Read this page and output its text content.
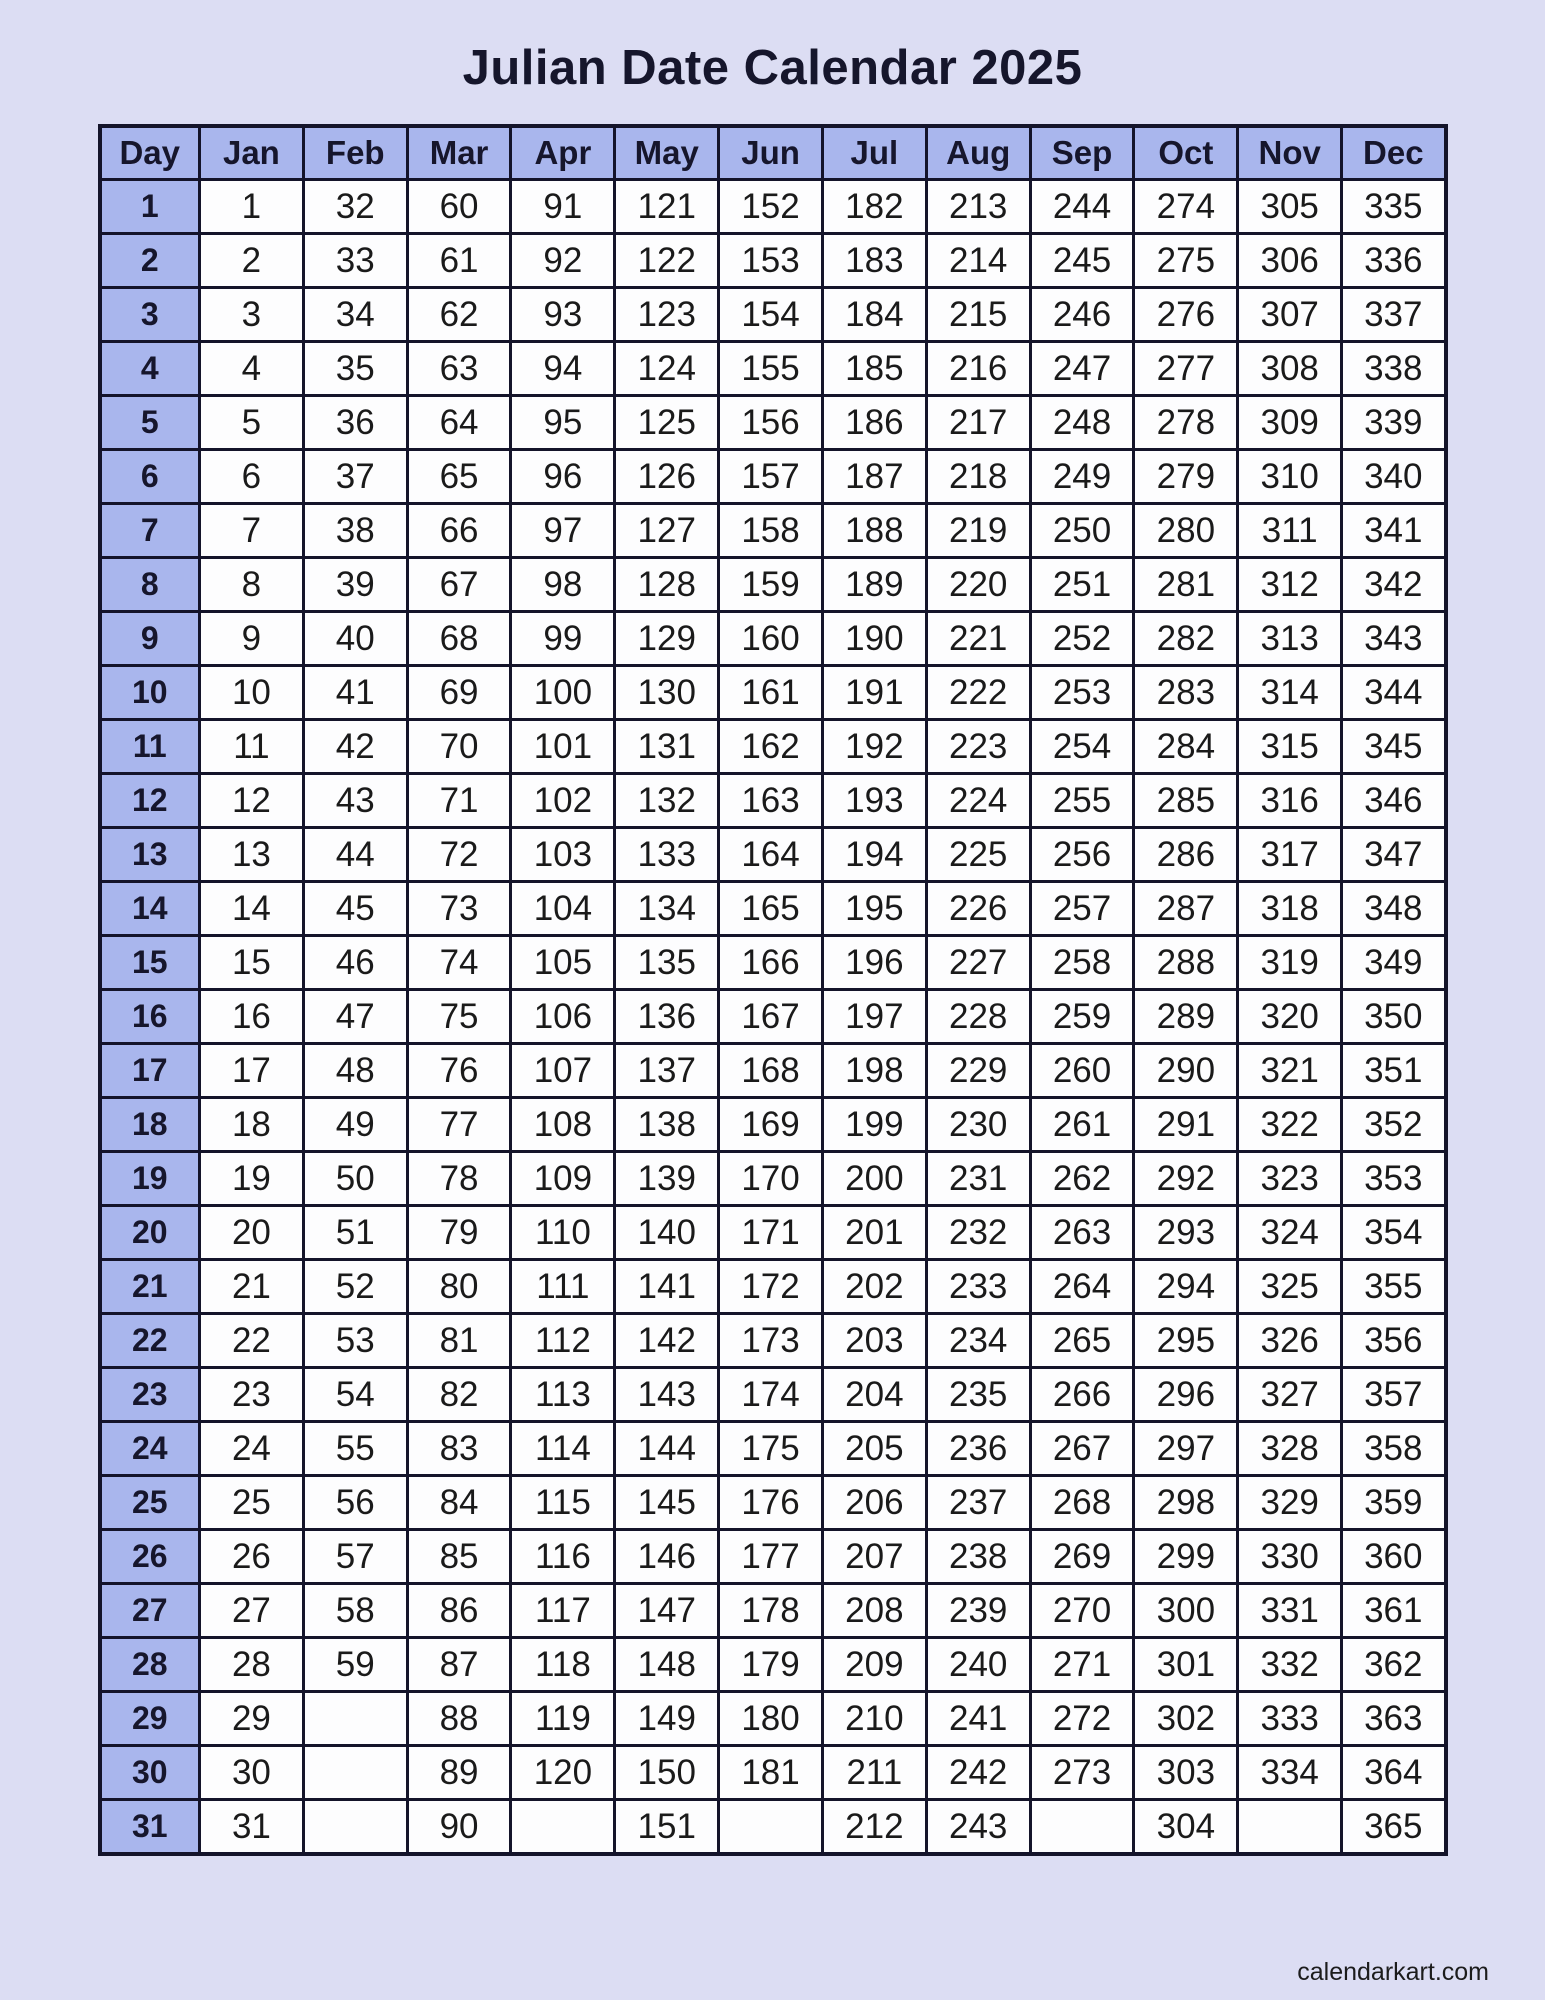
Julian Date Calendar 2025
Day	Jan	Feb	Mar	Apr	May	Jun	Jul	Aug	Sep	Oct	Nov	Dec
1	1	32	60	91	121	152	182	213	244	274	305	335
2	2	33	61	92	122	153	183	214	245	275	306	336
3	3	34	62	93	123	154	184	215	246	276	307	337
4	4	35	63	94	124	155	185	216	247	277	308	338
5	5	36	64	95	125	156	186	217	248	278	309	339
6	6	37	65	96	126	157	187	218	249	279	310	340
7	7	38	66	97	127	158	188	219	250	280	311	341
8	8	39	67	98	128	159	189	220	251	281	312	342
9	9	40	68	99	129	160	190	221	252	282	313	343
10	10	41	69	100	130	161	191	222	253	283	314	344
11	11	42	70	101	131	162	192	223	254	284	315	345
12	12	43	71	102	132	163	193	224	255	285	316	346
13	13	44	72	103	133	164	194	225	256	286	317	347
14	14	45	73	104	134	165	195	226	257	287	318	348
15	15	46	74	105	135	166	196	227	258	288	319	349
16	16	47	75	106	136	167	197	228	259	289	320	350
17	17	48	76	107	137	168	198	229	260	290	321	351
18	18	49	77	108	138	169	199	230	261	291	322	352
19	19	50	78	109	139	170	200	231	262	292	323	353
20	20	51	79	110	140	171	201	232	263	293	324	354
21	21	52	80	111	141	172	202	233	264	294	325	355
22	22	53	81	112	142	173	203	234	265	295	326	356
23	23	54	82	113	143	174	204	235	266	296	327	357
24	24	55	83	114	144	175	205	236	267	297	328	358
25	25	56	84	115	145	176	206	237	268	298	329	359
26	26	57	85	116	146	177	207	238	269	299	330	360
27	27	58	86	117	147	178	208	239	270	300	331	361
28	28	59	87	118	148	179	209	240	271	301	332	362
29	29		88	119	149	180	210	241	272	302	333	363
30	30		89	120	150	181	211	242	273	303	334	364
31	31		90		151		212	243		304		365
calendarkart.com
